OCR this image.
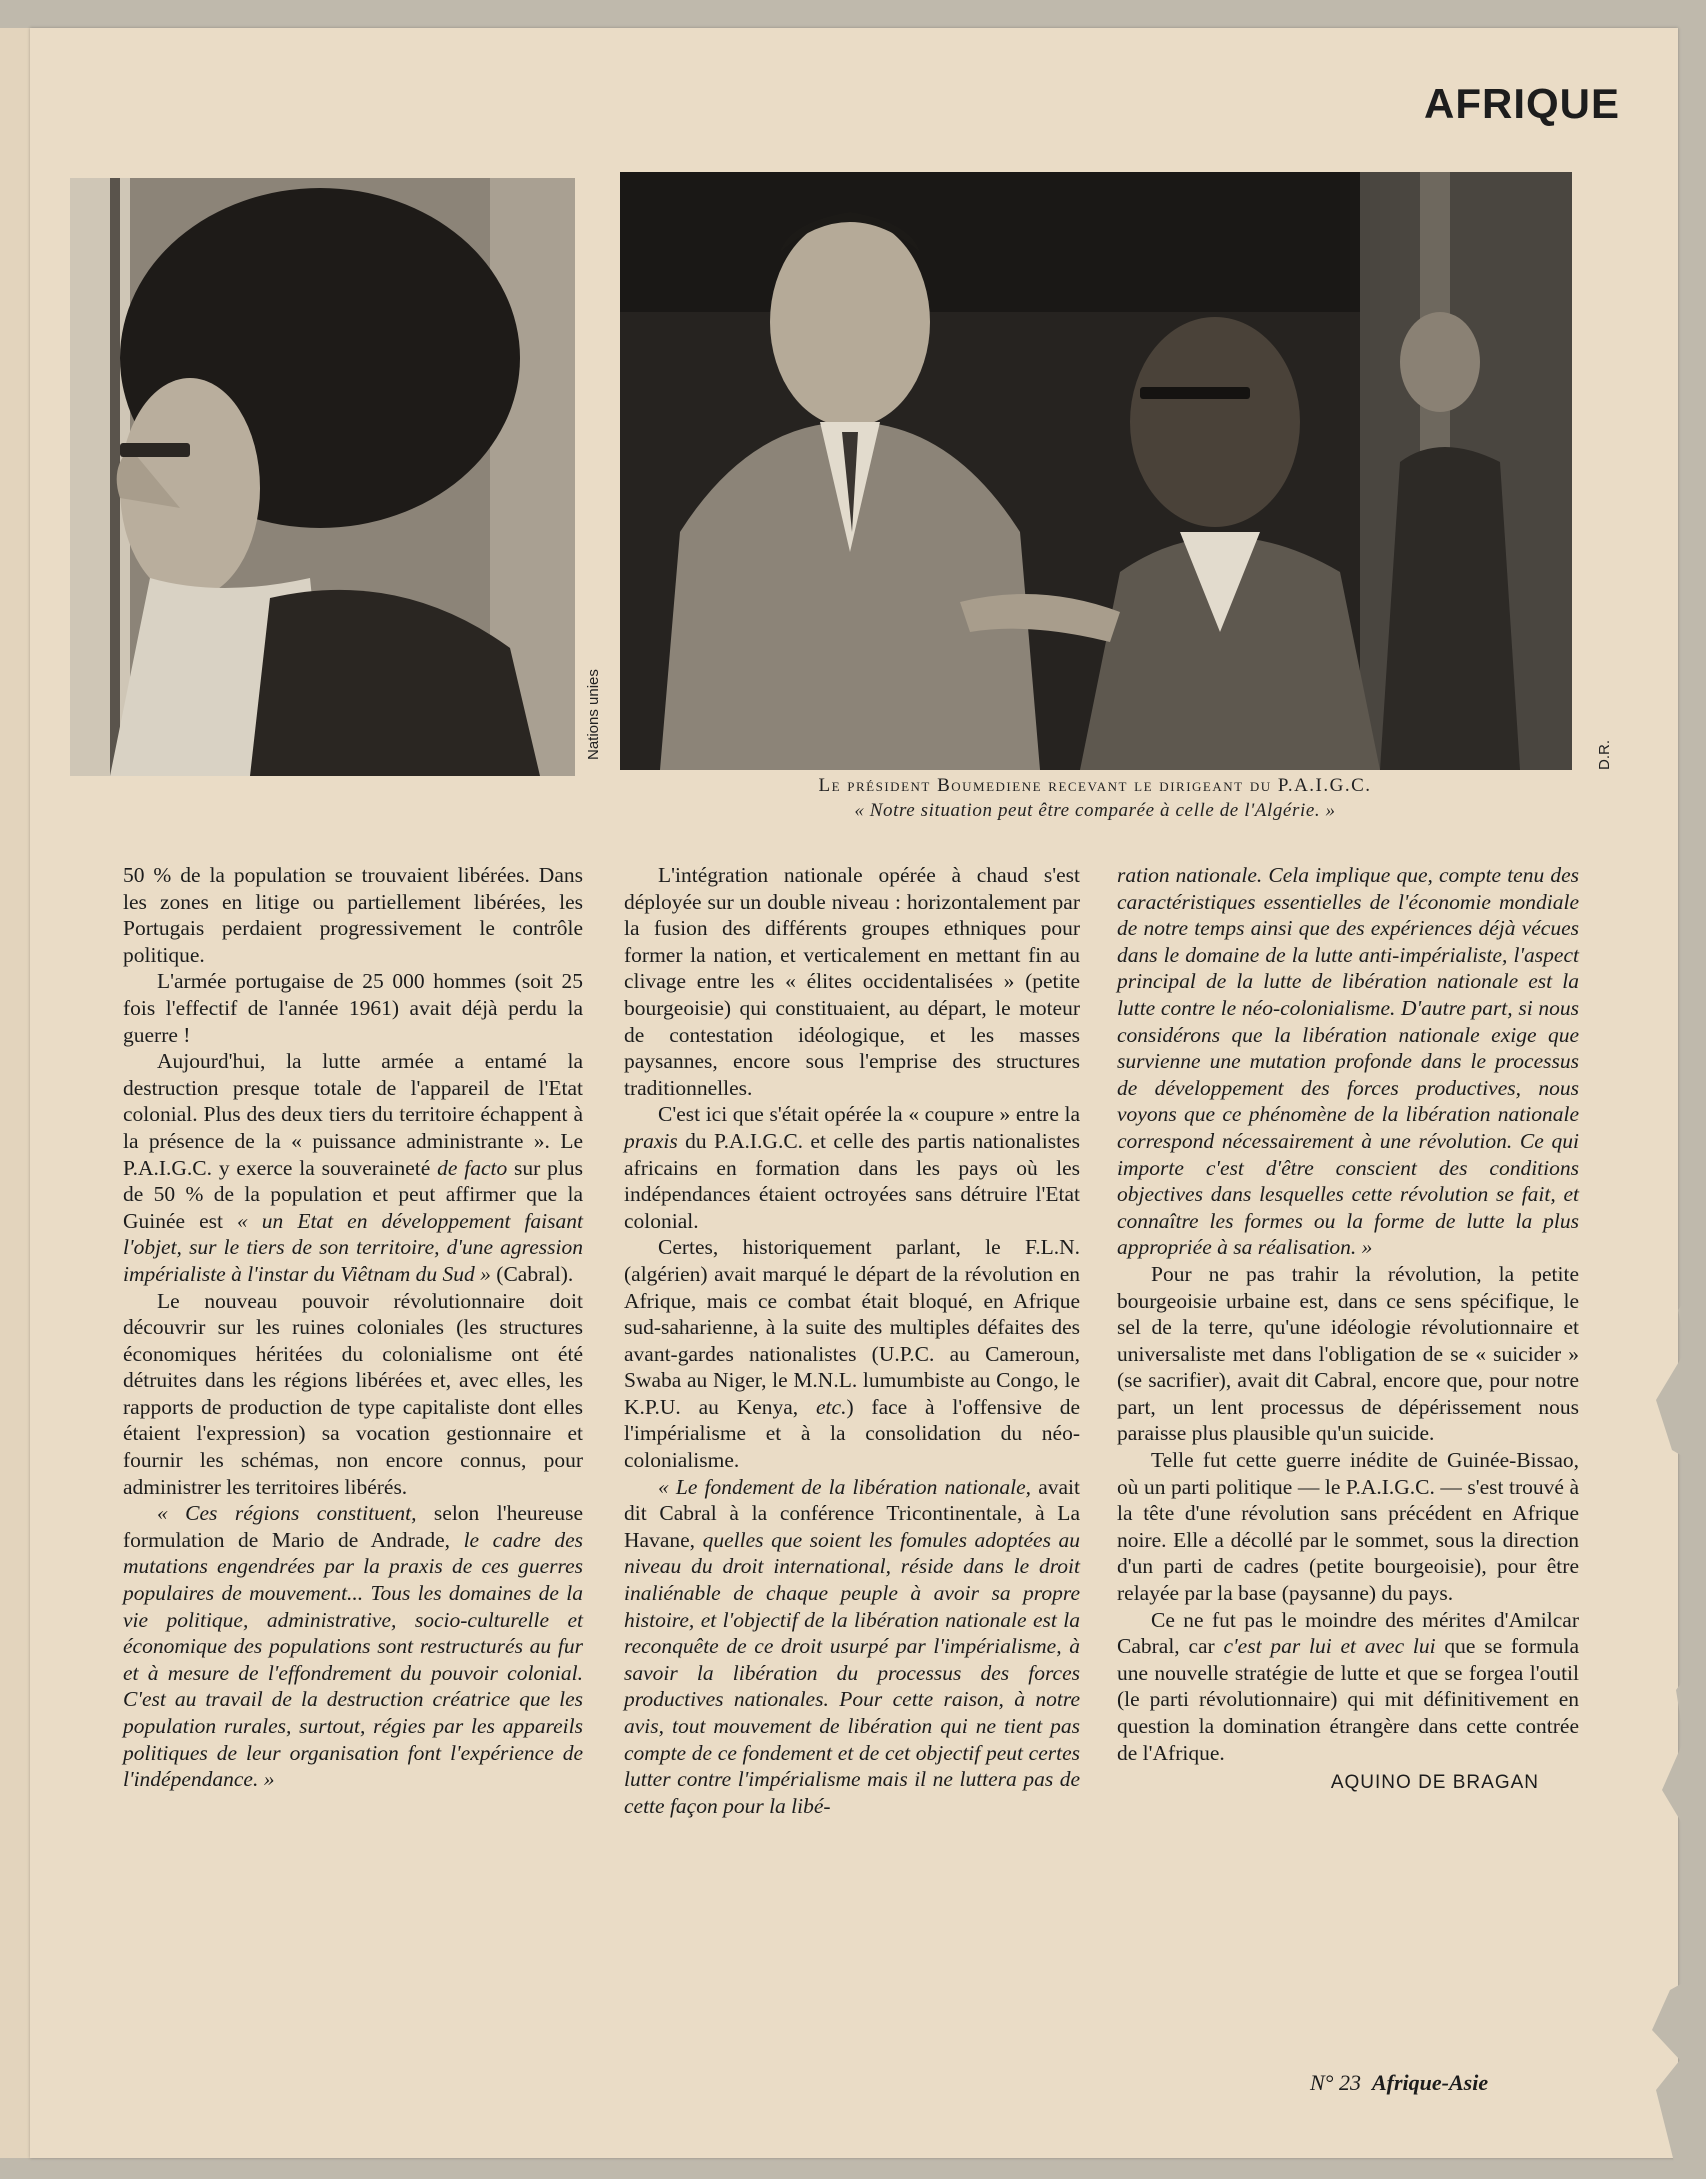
AFRIQUE
Nations unies	D.R.
Le président Boumediene recevant le dirigeant du P.A.I.G.C.
« Notre situation peut être comparée à celle de l'Algérie. »

50 % de la population se trouvaient libérées. Dans les zones en litige ou partiellement libérées, les Portugais perdaient progressivement le contrôle politique.

L'armée portugaise de 25 000 hommes (soit 25 fois l'effectif de l'année 1961) avait déjà perdu la guerre !

Aujourd'hui, la lutte armée a entamé la destruction presque totale de l'appareil de l'Etat colonial. Plus des deux tiers du territoire échappent à la présence de la « puissance administrante ». Le P.A.I.G.C. y exerce la souveraineté de facto sur plus de 50 % de la population et peut affirmer que la Guinée est « un Etat en développement faisant l'objet, sur le tiers de son territoire, d'une agression impérialiste à l'instar du Viêtnam du Sud » (Cabral).

Le nouveau pouvoir révolutionnaire doit découvrir sur les ruines coloniales (les structures économiques héritées du colonialisme ont été détruites dans les régions libérées et, avec elles, les rapports de production de type capitaliste dont elles étaient l'expression) sa vocation gestionnaire et fournir les schémas, non encore connus, pour administrer les territoires libérés.

« Ces régions constituent, selon l'heureuse formulation de Mario de Andrade, le cadre des mutations engendrées par la praxis de ces guerres populaires de mouvement... Tous les domaines de la vie politique, administrative, socio-culturelle et économique des populations sont restructurés au fur et à mesure de l'effondrement du pouvoir colonial. C'est au travail de la destruction créatrice que les population rurales, surtout, régies par les appareils politiques de leur organisation font l'expérience de l'indépendance. »

L'intégration nationale opérée à chaud s'est déployée sur un double niveau : horizontalement par la fusion des différents groupes ethniques pour former la nation, et verticalement en mettant fin au clivage entre les « élites occidentalisées » (petite bourgeoisie) qui constituaient, au départ, le moteur de contestation idéologique, et les masses paysannes, encore sous l'emprise des structures traditionnelles.

C'est ici que s'était opérée la « coupure » entre la praxis du P.A.I.G.C. et celle des partis nationalistes africains en formation dans les pays où les indépendances étaient octroyées sans détruire l'Etat colonial.

Certes, historiquement parlant, le F.L.N. (algérien) avait marqué le départ de la révolution en Afrique, mais ce combat était bloqué, en Afrique sud-saharienne, à la suite des multiples défaites des avant-gardes nationalistes (U.P.C. au Cameroun, Swaba au Niger, le M.N.L. lumumbiste au Congo, le K.P.U. au Kenya, etc.) face à l'offensive de l'impérialisme et à la consolidation du néo-colonialisme.

« Le fondement de la libération nationale, avait dit Cabral à la conférence Tricontinentale, à La Havane, quelles que soient les fomules adoptées au niveau du droit international, réside dans le droit inaliénable de chaque peuple à avoir sa propre histoire, et l'objectif de la libération nationale est la reconquête de ce droit usurpé par l'impérialisme, à savoir la libération du processus des forces productives nationales. Pour cette raison, à notre avis, tout mouvement de libération qui ne tient pas compte de ce fondement et de cet objectif peut certes lutter contre l'impérialisme mais il ne luttera pas de cette façon pour la libé-

ration nationale. Cela implique que, compte tenu des caractéristiques essentielles de l'économie mondiale de notre temps ainsi que des expériences déjà vécues dans le domaine de la lutte anti-impérialiste, l'aspect principal de la lutte de libération nationale est la lutte contre le néo-colonialisme. D'autre part, si nous considérons que la libération nationale exige que survienne une mutation profonde dans le processus de développement des forces productives, nous voyons que ce phénomène de la libération nationale correspond nécessairement à une révolution. Ce qui importe c'est d'être conscient des conditions objectives dans lesquelles cette révolution se fait, et connaître les formes ou la forme de lutte la plus appropriée à sa réalisation. »

Pour ne pas trahir la révolution, la petite bourgeoisie urbaine est, dans ce sens spécifique, le sel de la terre, qu'une idéologie révolutionnaire et universaliste met dans l'obligation de se « suicider » (se sacrifier), avait dit Cabral, encore que, pour notre part, un lent processus de dépérissement nous paraisse plus plausible qu'un suicide.

Telle fut cette guerre inédite de Guinée-Bissao, où un parti politique — le P.A.I.G.C. — s'est trouvé à la tête d'une révolution sans précédent en Afrique noire. Elle a décollé par le sommet, sous la direction d'un parti de cadres (petite bourgeoisie), pour être relayée par la base (paysanne) du pays.

Ce ne fut pas le moindre des mérites d'Amilcar Cabral, car c'est par lui et avec lui que se formula une nouvelle stratégie de lutte et que se forgea l'outil (le parti révolutionnaire) qui mit définitivement en question la domination étrangère dans cette contrée de l'Afrique.

AQUINO DE BRAGAN
N° 23 Afrique-Asie
